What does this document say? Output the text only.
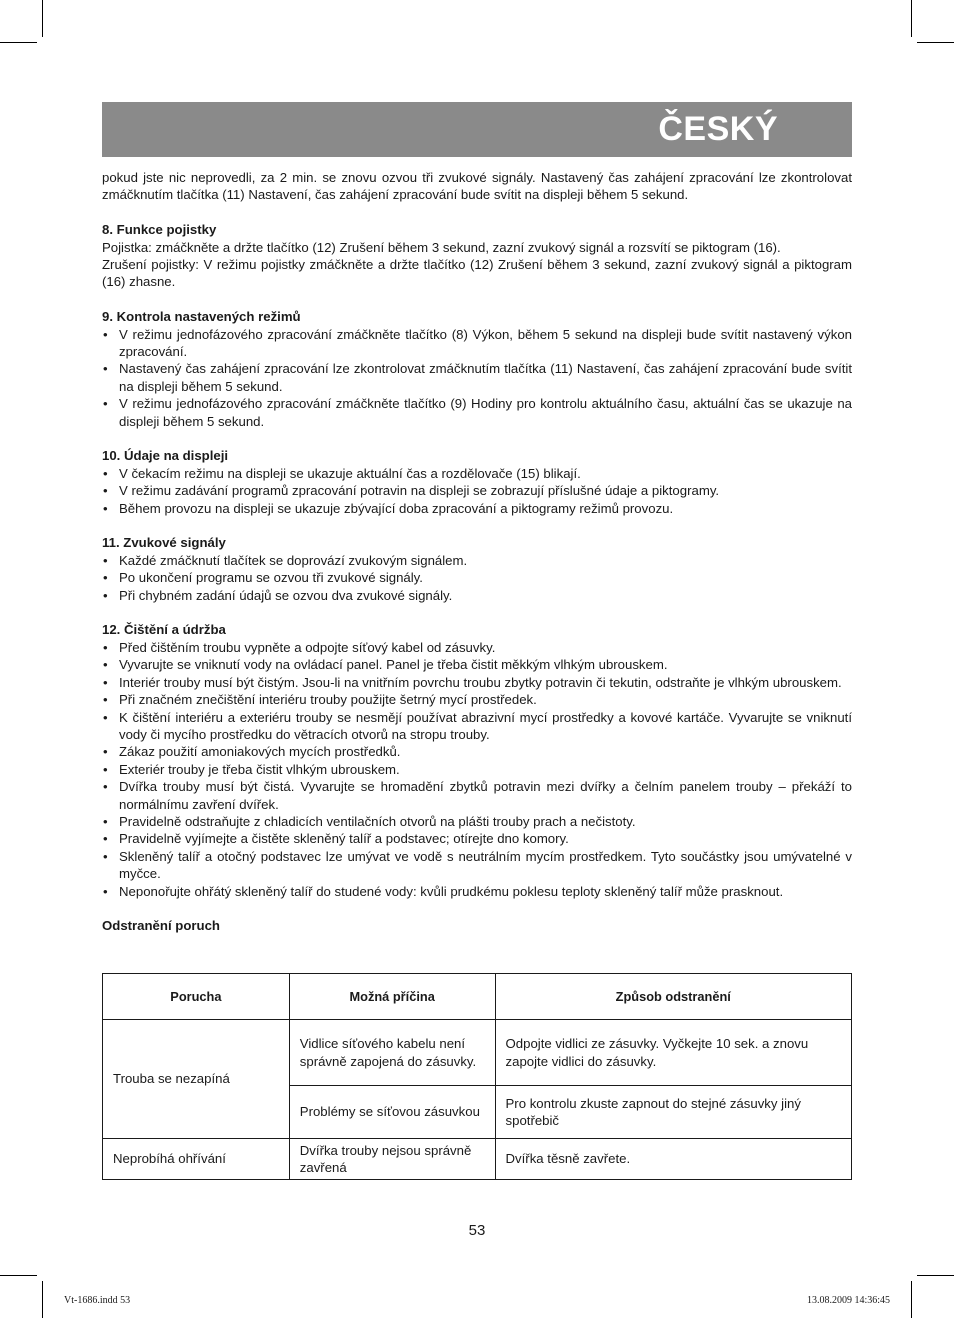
ČESKÝ

pokud jste nic neprovedli, za 2 min. se znovu ozvou tři zvukové signály. Nastavený čas zahájení zpracování lze zkontrolovat zmáčknutím tlačítka (11) Nastavení, čas zahájení zpracování bude svítit na displeji během 5 sekund.

8. Funkce pojistky

Pojistka: zmáčkněte a držte tlačítko (12) Zrušení během 3 sekund, zazní zvukový signál a rozsvítí se piktogram (16).

Zrušení pojistky: V režimu pojistky zmáčkněte a držte tlačítko (12) Zrušení během 3 sekund, zazní zvukový signál a piktogram (16) zhasne.

9. Kontrola nastavených režimů

• V režimu jednofázového zpracování zmáčkněte tlačítko (8) Výkon, během 5 sekund na displeji bude svítit nastavený výkon zpracování.
• Nastavený čas zahájení zpracování lze zkontrolovat zmáčknutím tlačítka (11) Nastavení, čas zahájení zpracování bude svítit na displeji během 5 sekund.
• V režimu jednofázového zpracování zmáčkněte tlačítko (9) Hodiny pro kontrolu aktuálního času, aktuální čas se ukazuje na displeji během 5 sekund.

10. Údaje na displeji

• V čekacím režimu na displeji se ukazuje aktuální čas a rozdělovače (15) blikají.
• V režimu zadávání programů zpracování potravin na displeji se zobrazují příslušné údaje a piktogramy.
• Během provozu na displeji se ukazuje zbývající doba zpracování a piktogramy režimů provozu.

11. Zvukové signály

• Každé zmáčknutí tlačítek se doprovází zvukovým signálem.
• Po ukončení programu se ozvou tři zvukové signály.
• Při chybném zadání údajů se ozvou dva zvukové signály.

12. Čištění a údržba

• Před čištěním troubu vypněte a odpojte síťový kabel od zásuvky.
• Vyvarujte se vniknutí vody na ovládací panel. Panel je třeba čistit měkkým vlhkým ubrouskem.
• Interiér trouby musí být čistým. Jsou-li na vnitřním povrchu troubu zbytky potravin či tekutin, odstraňte je vlhkým ubrouskem.
• Při značném znečištění interiéru trouby použijte šetrný mycí prostředek.
• K čištění interiéru a exteriéru trouby se nesmějí používat abrazivní mycí prostředky a kovové kartáče. Vyvarujte se vniknutí vody či mycího prostředku do větracích otvorů na stropu trouby.
• Zákaz použití amoniakových mycích prostředků.
• Exteriér trouby je třeba čistit vlhkým ubrouskem.
• Dvířka trouby musí být čistá. Vyvarujte se hromadění zbytků potravin mezi dvířky a čelním panelem trouby – překáží to normálnímu zavření dvířek.
• Pravidelně odstraňujte z chladicích ventilačních otvorů na plášti trouby prach a nečistoty.
• Pravidelně vyjímejte a čistěte skleněný talíř a podstavec; otírejte dno komory.
• Skleněný talíř a otočný podstavec lze umývat ve vodě s neutrálním mycím prostředkem. Tyto součástky jsou umývatelné v myčce.
• Neponořujte ohřátý skleněný talíř do studené vody: kvůli prudkému poklesu teploty skleněný talíř může prasknout.

Odstranění poruch

Porucha	Možná příčina	Způsob odstranění
Trouba se nezapíná	Vidlice síťového kabelu není správně zapojená do zásuvky.	Odpojte vidlici ze zásuvky. Vyčkejte 10 sek. a znovu zapojte vidlici do zásuvky.
	Problémy se síťovou zásuvkou	Pro kontrolu zkuste zapnout do stejné zásuvky jiný spotřebič
Neprobíhá ohřívání	Dvířka trouby nejsou správně zavřená	Dvířka těsně zavřete.
53
Vt-1686.indd 53	13.08.2009 14:36:45
